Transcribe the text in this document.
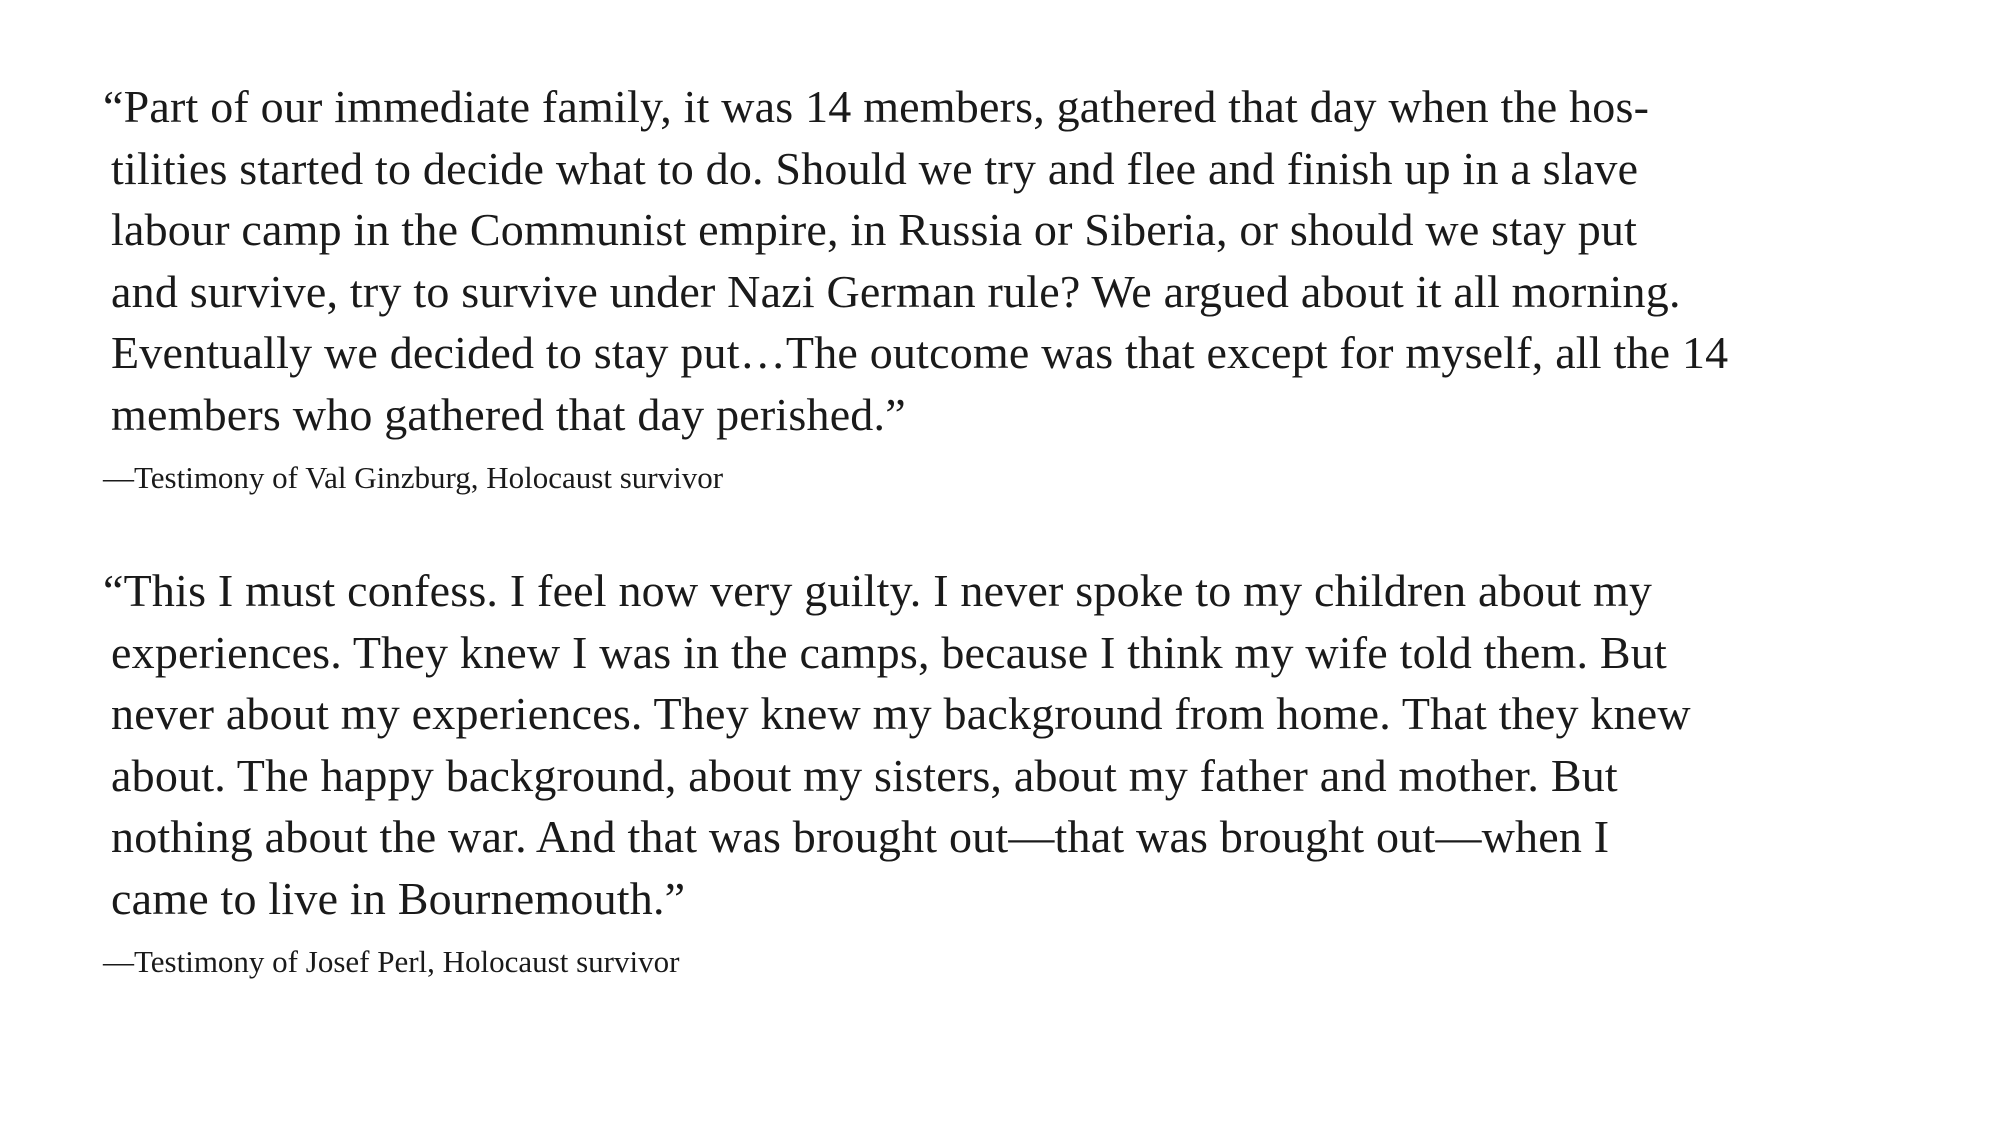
“Part of our immediate family, it was 14 members, gathered that day when the hos-
tilities started to decide what to do. Should we try and flee and finish up in a slave
labour camp in the Communist empire, in Russia or Siberia, or should we stay put
and survive, try to survive under Nazi German rule? We argued about it all morning.
Eventually we decided to stay put…The outcome was that except for myself, all the 14
members who gathered that day perished.”

—Testimony of Val Ginzburg, Holocaust survivor

“This I must confess. I feel now very guilty. I never spoke to my children about my
experiences. They knew I was in the camps, because I think my wife told them. But
never about my experiences. They knew my background from home. That they knew
about. The happy background, about my sisters, about my father and mother. But
nothing about the war. And that was brought out—that was brought out—when I
came to live in Bournemouth.”

—Testimony of Josef Perl, Holocaust survivor
